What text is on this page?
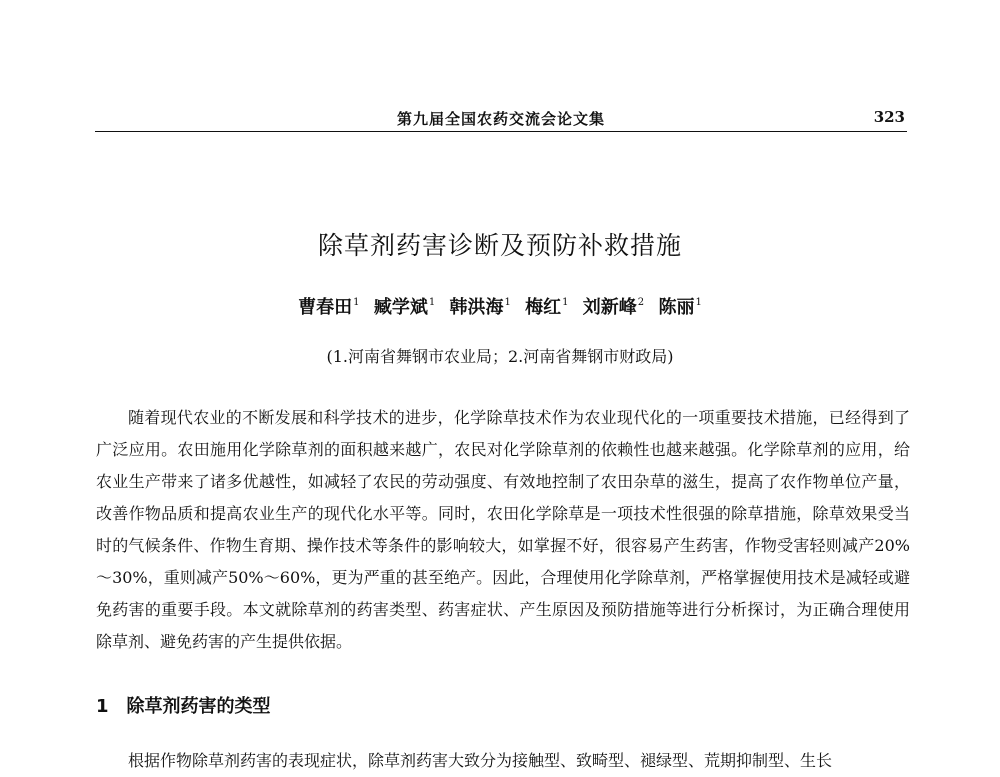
第九届全国农药交流会论文集	323
除草剂药害诊断及预防补救措施
曹春田$^1$ 臧学斌$^1$ 韩洪海$^1$ 梅红$^1$ 刘新峰$^2$ 陈丽$^1$
(1.河南省舞钢市农业局；2.河南省舞钢市财政局)

随着现代农业的不断发展和科学技术的进步，化学除草技术作为农业现代化的一项重要技术措施，已经得到了广泛应用。农田施用化学除草剂的面积越来越广，农民对化学除草剂的依赖性也越来越强。化学除草剂的应用，给农业生产带来了诸多优越性，如减轻了农民的劳动强度、有效地控制了农田杂草的滋生，提高了农作物单位产量，改善作物品质和提高农业生产的现代化水平等。同时，农田化学除草是一项技术性很强的除草措施，除草效果受当时的气候条件、作物生育期、操作技术等条件的影响较大，如掌握不好，很容易产生药害，作物受害轻则减产20%～30%，重则减产50%～60%，更为严重的甚至绝产。因此，合理使用化学除草剂，严格掌握使用技术是减轻或避免药害的重要手段。本文就除草剂的药害类型、药害症状、产生原因及预防措施等进行分析探讨，为正确合理使用除草剂、避免药害的产生提供依据。

1 除草剂药害的类型
根据作物除草剂药害的表现症状，除草剂药害大致分为接触型、致畸型、褪绿型、荒期抑制型、生长
